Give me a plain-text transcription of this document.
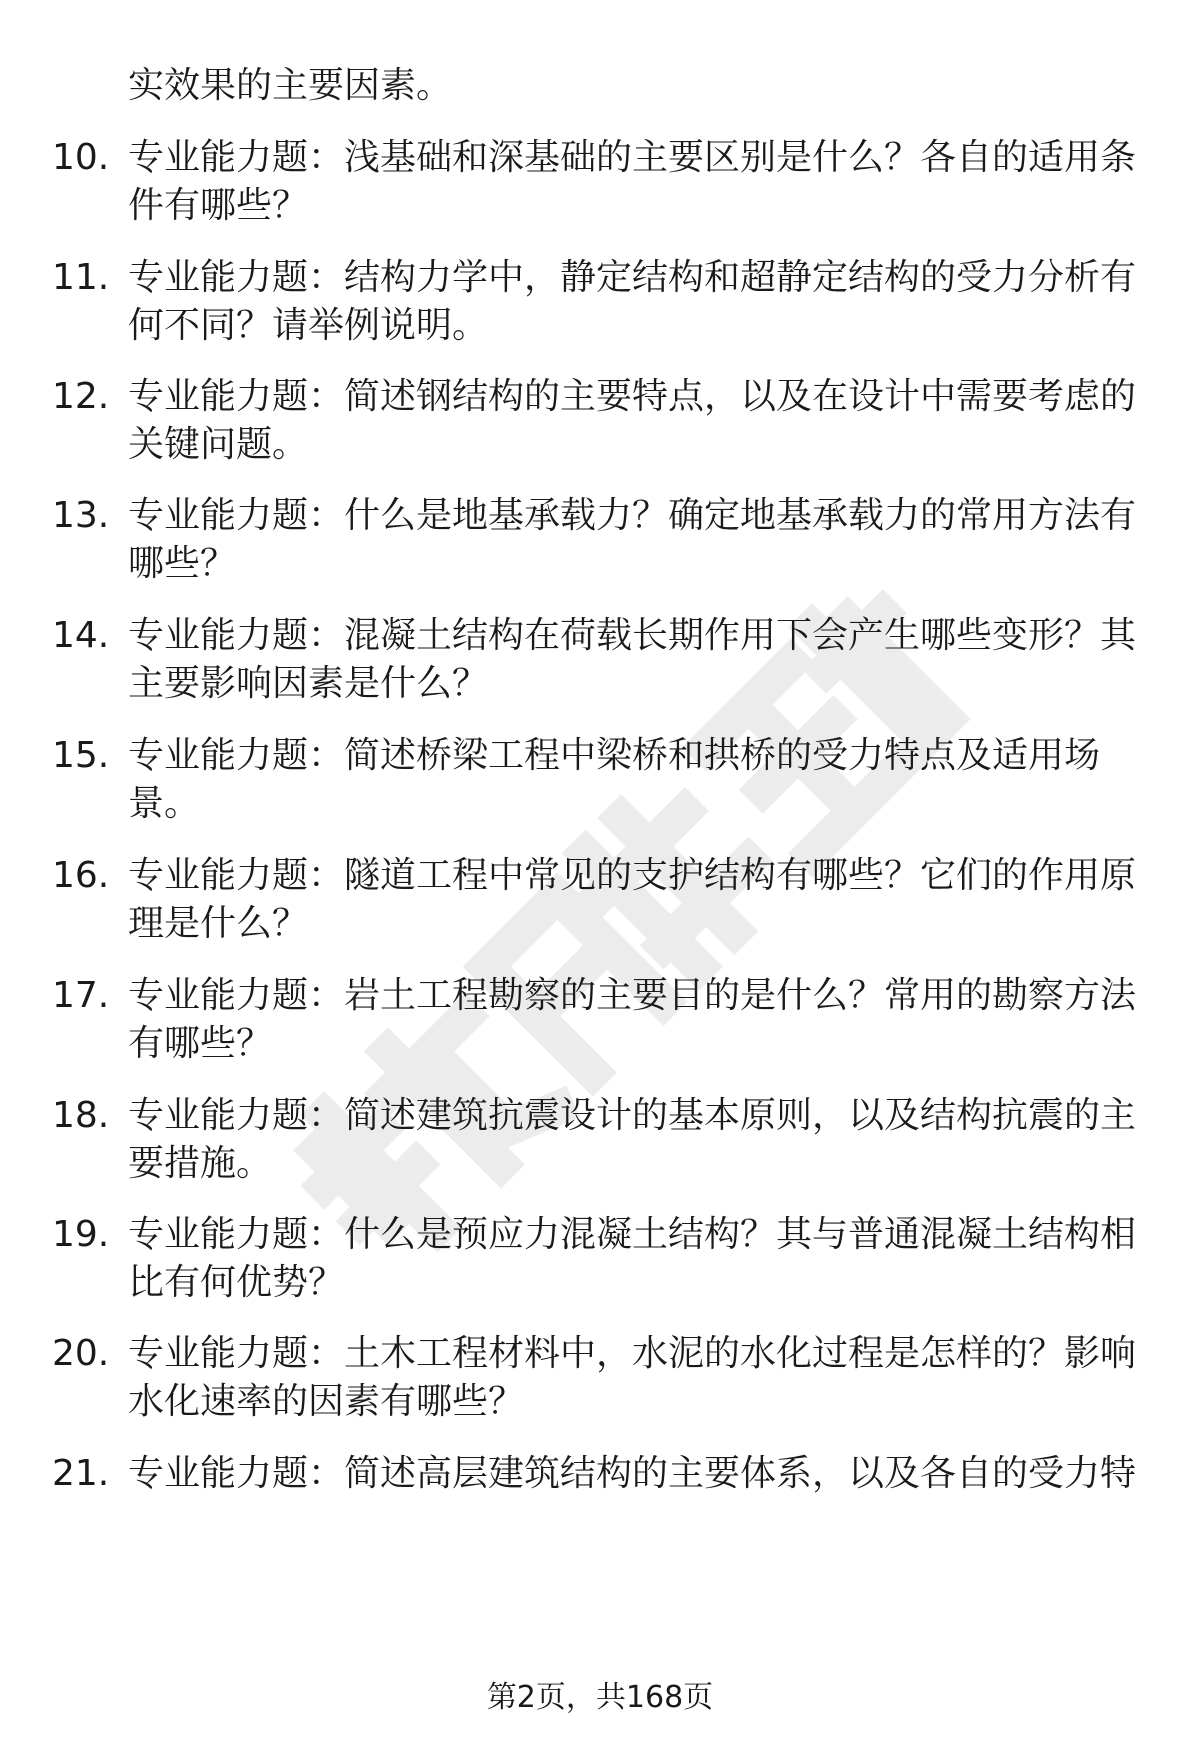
实效果的主要因素。

10. 专业能力题：浅基础和深基础的主要区别是什么？各自的适用条件有哪些？

11. 专业能力题：结构力学中，静定结构和超静定结构的受力分析有何不同？请举例说明。

12. 专业能力题：简述钢结构的主要特点，以及在设计中需要考虑的关键问题。

13. 专业能力题：什么是地基承载力？确定地基承载力的常用方法有哪些？

14. 专业能力题：混凝土结构在荷载长期作用下会产生哪些变形？其主要影响因素是什么？

15. 专业能力题：简述桥梁工程中梁桥和拱桥的受力特点及适用场景。

16. 专业能力题：隧道工程中常见的支护结构有哪些？它们的作用原理是什么？

17. 专业能力题：岩土工程勘察的主要目的是什么？常用的勘察方法有哪些？

18. 专业能力题：简述建筑抗震设计的基本原则，以及结构抗震的主要措施。

19. 专业能力题：什么是预应力混凝土结构？其与普通混凝土结构相比有何优势？

20. 专业能力题：土木工程材料中，水泥的水化过程是怎样的？影响水化速率的因素有哪些？

21. 专业能力题：简述高层建筑结构的主要体系，以及各自的受力特

第2页，共168页
